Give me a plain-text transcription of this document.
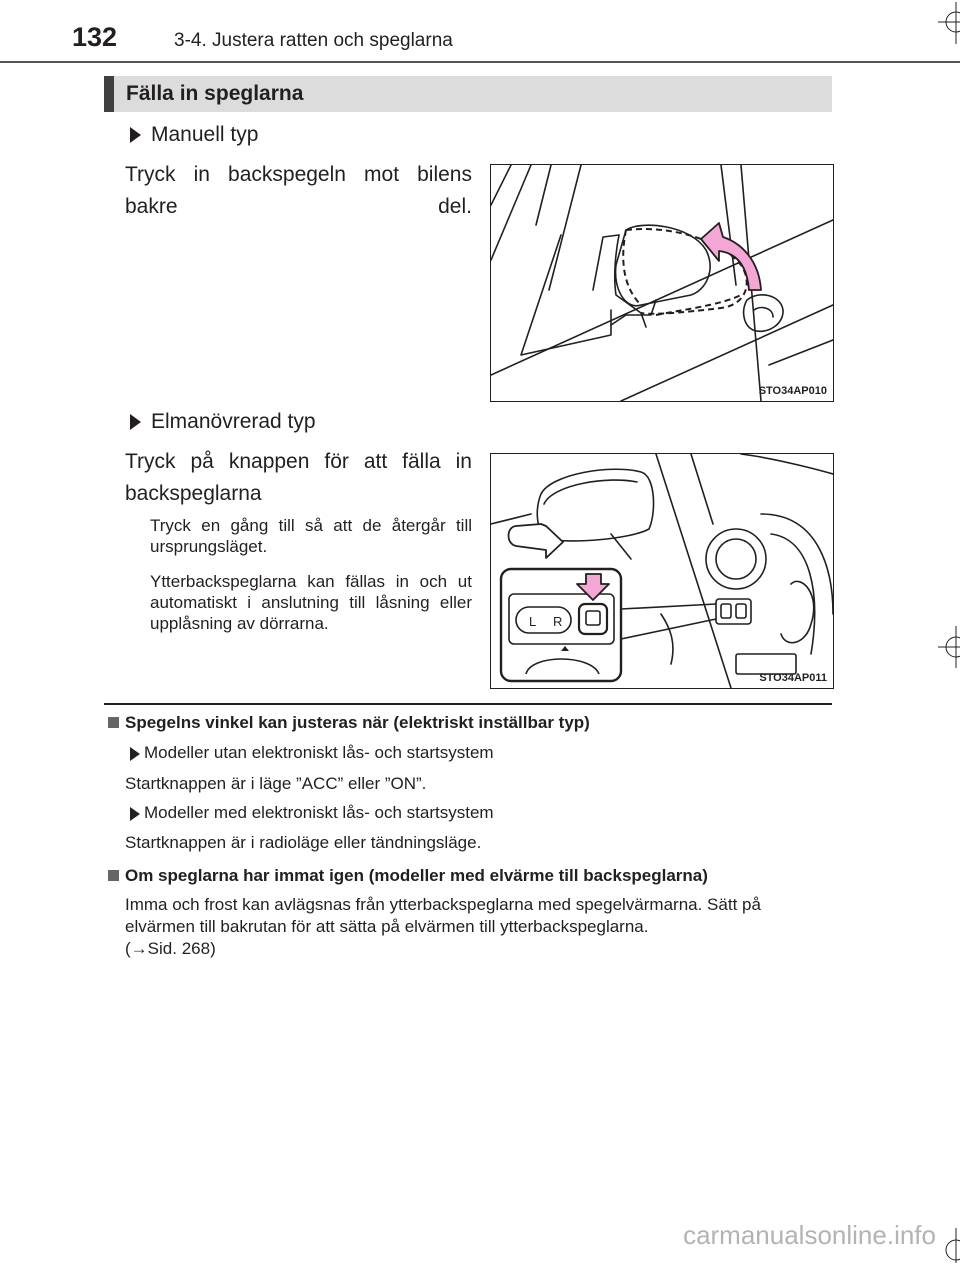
132	3-4. Justera ratten och speglarna
Fälla in speglarna
Manuell typ
Tryck in backspegeln mot bilens bakre del.
STO34AP010
Elmanövrerad typ
Tryck på knappen för att fälla in backspeglarna
Tryck en gång till så att de återgår till ursprungsläget.
Ytterbackspeglarna kan fällas in och ut automatiskt i anslutning till låsning eller upplåsning av dörrarna.	L R
STO34AP011
Spegelns vinkel kan justeras när (elektriskt inställbar typ)
Modeller utan elektroniskt lås- och startsystem
Startknappen är i läge ”ACC” eller ”ON”.
Modeller med elektroniskt lås- och startsystem
Startknappen är i radioläge eller tändningsläge.
Om speglarna har immat igen (modeller med elvärme till backspeglarna)
Imma och frost kan avlägsnas från ytterbackspeglarna med spegelvärmarna. Sätt på elvärmen till bakrutan för att sätta på elvärmen till ytterbackspeglarna.
(→Sid. 268)
carmanualsonline.info
